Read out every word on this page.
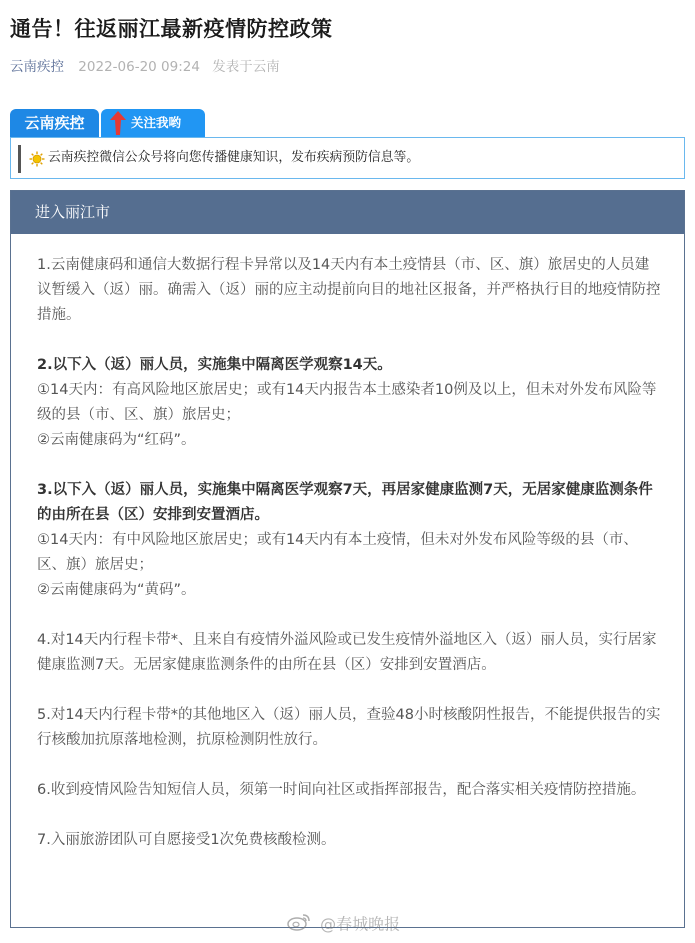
通告！往返丽江最新疫情防控政策
云南疾控 2022-06-20 09:24 发表于云南
云南疾控	关注我哟
云南疾控微信公众号将向您传播健康知识，发布疾病预防信息等。
进入丽江市

1.云南健康码和通信大数据行程卡异常以及14天内有本土疫情县（市、区、旗）旅居史的人员建议暂缓入（返）丽。确需入（返）丽的应主动提前向目的地社区报备，并严格执行目的地疫情防控措施。

2.以下入（返）丽人员，实施集中隔离医学观察14天。

①14天内：有高风险地区旅居史；或有14天内报告本土感染者10例及以上，但未对外发布风险等级的县（市、区、旗）旅居史；

②云南健康码为“红码”。

3.以下入（返）丽人员，实施集中隔离医学观察7天，再居家健康监测7天，无居家健康监测条件的由所在县（区）安排到安置酒店。

①14天内：有中风险地区旅居史；或有14天内有本土疫情，但未对外发布风险等级的县（市、区、旗）旅居史；

②云南健康码为“黄码”。

4.对14天内行程卡带*、且来自有疫情外溢风险或已发生疫情外溢地区入（返）丽人员，实行居家健康监测7天。无居家健康监测条件的由所在县（区）安排到安置酒店。

5.对14天内行程卡带*的其他地区入（返）丽人员，查验48小时核酸阴性报告，不能提供报告的实行核酸加抗原落地检测，抗原检测阴性放行。

6.收到疫情风险告知短信人员，须第一时间向社区或指挥部报告，配合落实相关疫情防控措施。

7.入丽旅游团队可自愿接受1次免费核酸检测。

@春城晚报
